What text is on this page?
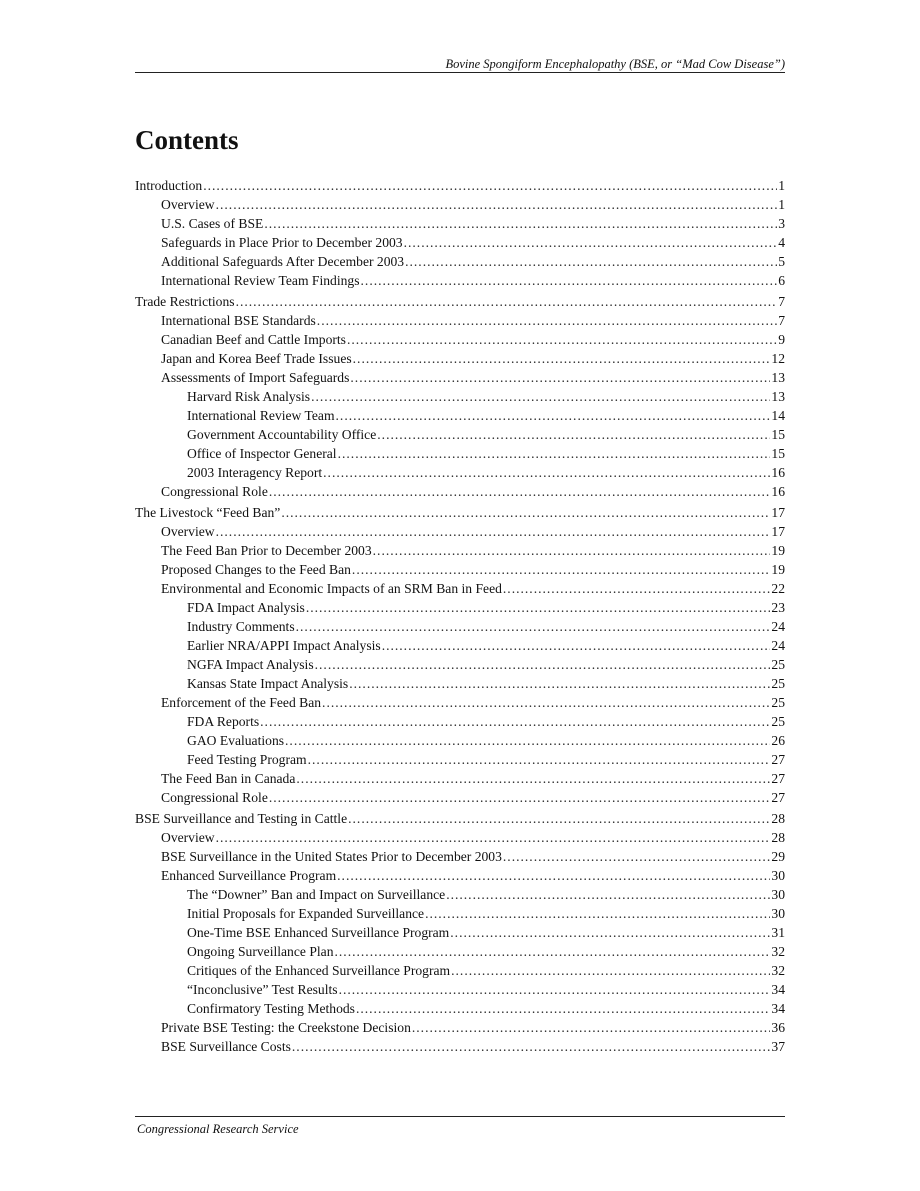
Bovine Spongiform Encephalopathy (BSE, or “Mad Cow Disease”)
Contents
Introduction .....	1
Overview .....	1
U.S. Cases of BSE .....	3
Safeguards in Place Prior to December 2003 .....	4
Additional Safeguards After December 2003 .....	5
International Review Team Findings .....	6
Trade Restrictions .....	7
International BSE Standards .....	7
Canadian Beef and Cattle Imports .....	9
Japan and Korea Beef Trade Issues .....	12
Assessments of Import Safeguards .....	13
Harvard Risk Analysis .....	13
International Review Team .....	14
Government Accountability Office .....	15
Office of Inspector General .....	15
2003 Interagency Report .....	16
Congressional Role .....	16
The Livestock “Feed Ban” .....	17
Overview .....	17
The Feed Ban Prior to December 2003 .....	19
Proposed Changes to the Feed Ban .....	19
Environmental and Economic Impacts of an SRM Ban in Feed .....	22
FDA Impact Analysis .....	23
Industry Comments .....	24
Earlier NRA/APPI Impact Analysis .....	24
NGFA Impact Analysis .....	25
Kansas State Impact Analysis .....	25
Enforcement of the Feed Ban .....	25
FDA Reports .....	25
GAO Evaluations .....	26
Feed Testing Program .....	27
The Feed Ban in Canada .....	27
Congressional Role .....	27
BSE Surveillance and Testing in Cattle .....	28
Overview .....	28
BSE Surveillance in the United States Prior to December 2003 .....	29
Enhanced Surveillance Program .....	30
The “Downer” Ban and Impact on Surveillance .....	30
Initial Proposals for Expanded Surveillance .....	30
One-Time BSE Enhanced Surveillance Program .....	31
Ongoing Surveillance Plan .....	32
Critiques of the Enhanced Surveillance Program .....	32
“Inconclusive” Test Results .....	34
Confirmatory Testing Methods .....	34
Private BSE Testing: the Creekstone Decision .....	36
BSE Surveillance Costs .....	37
Congressional Research Service
